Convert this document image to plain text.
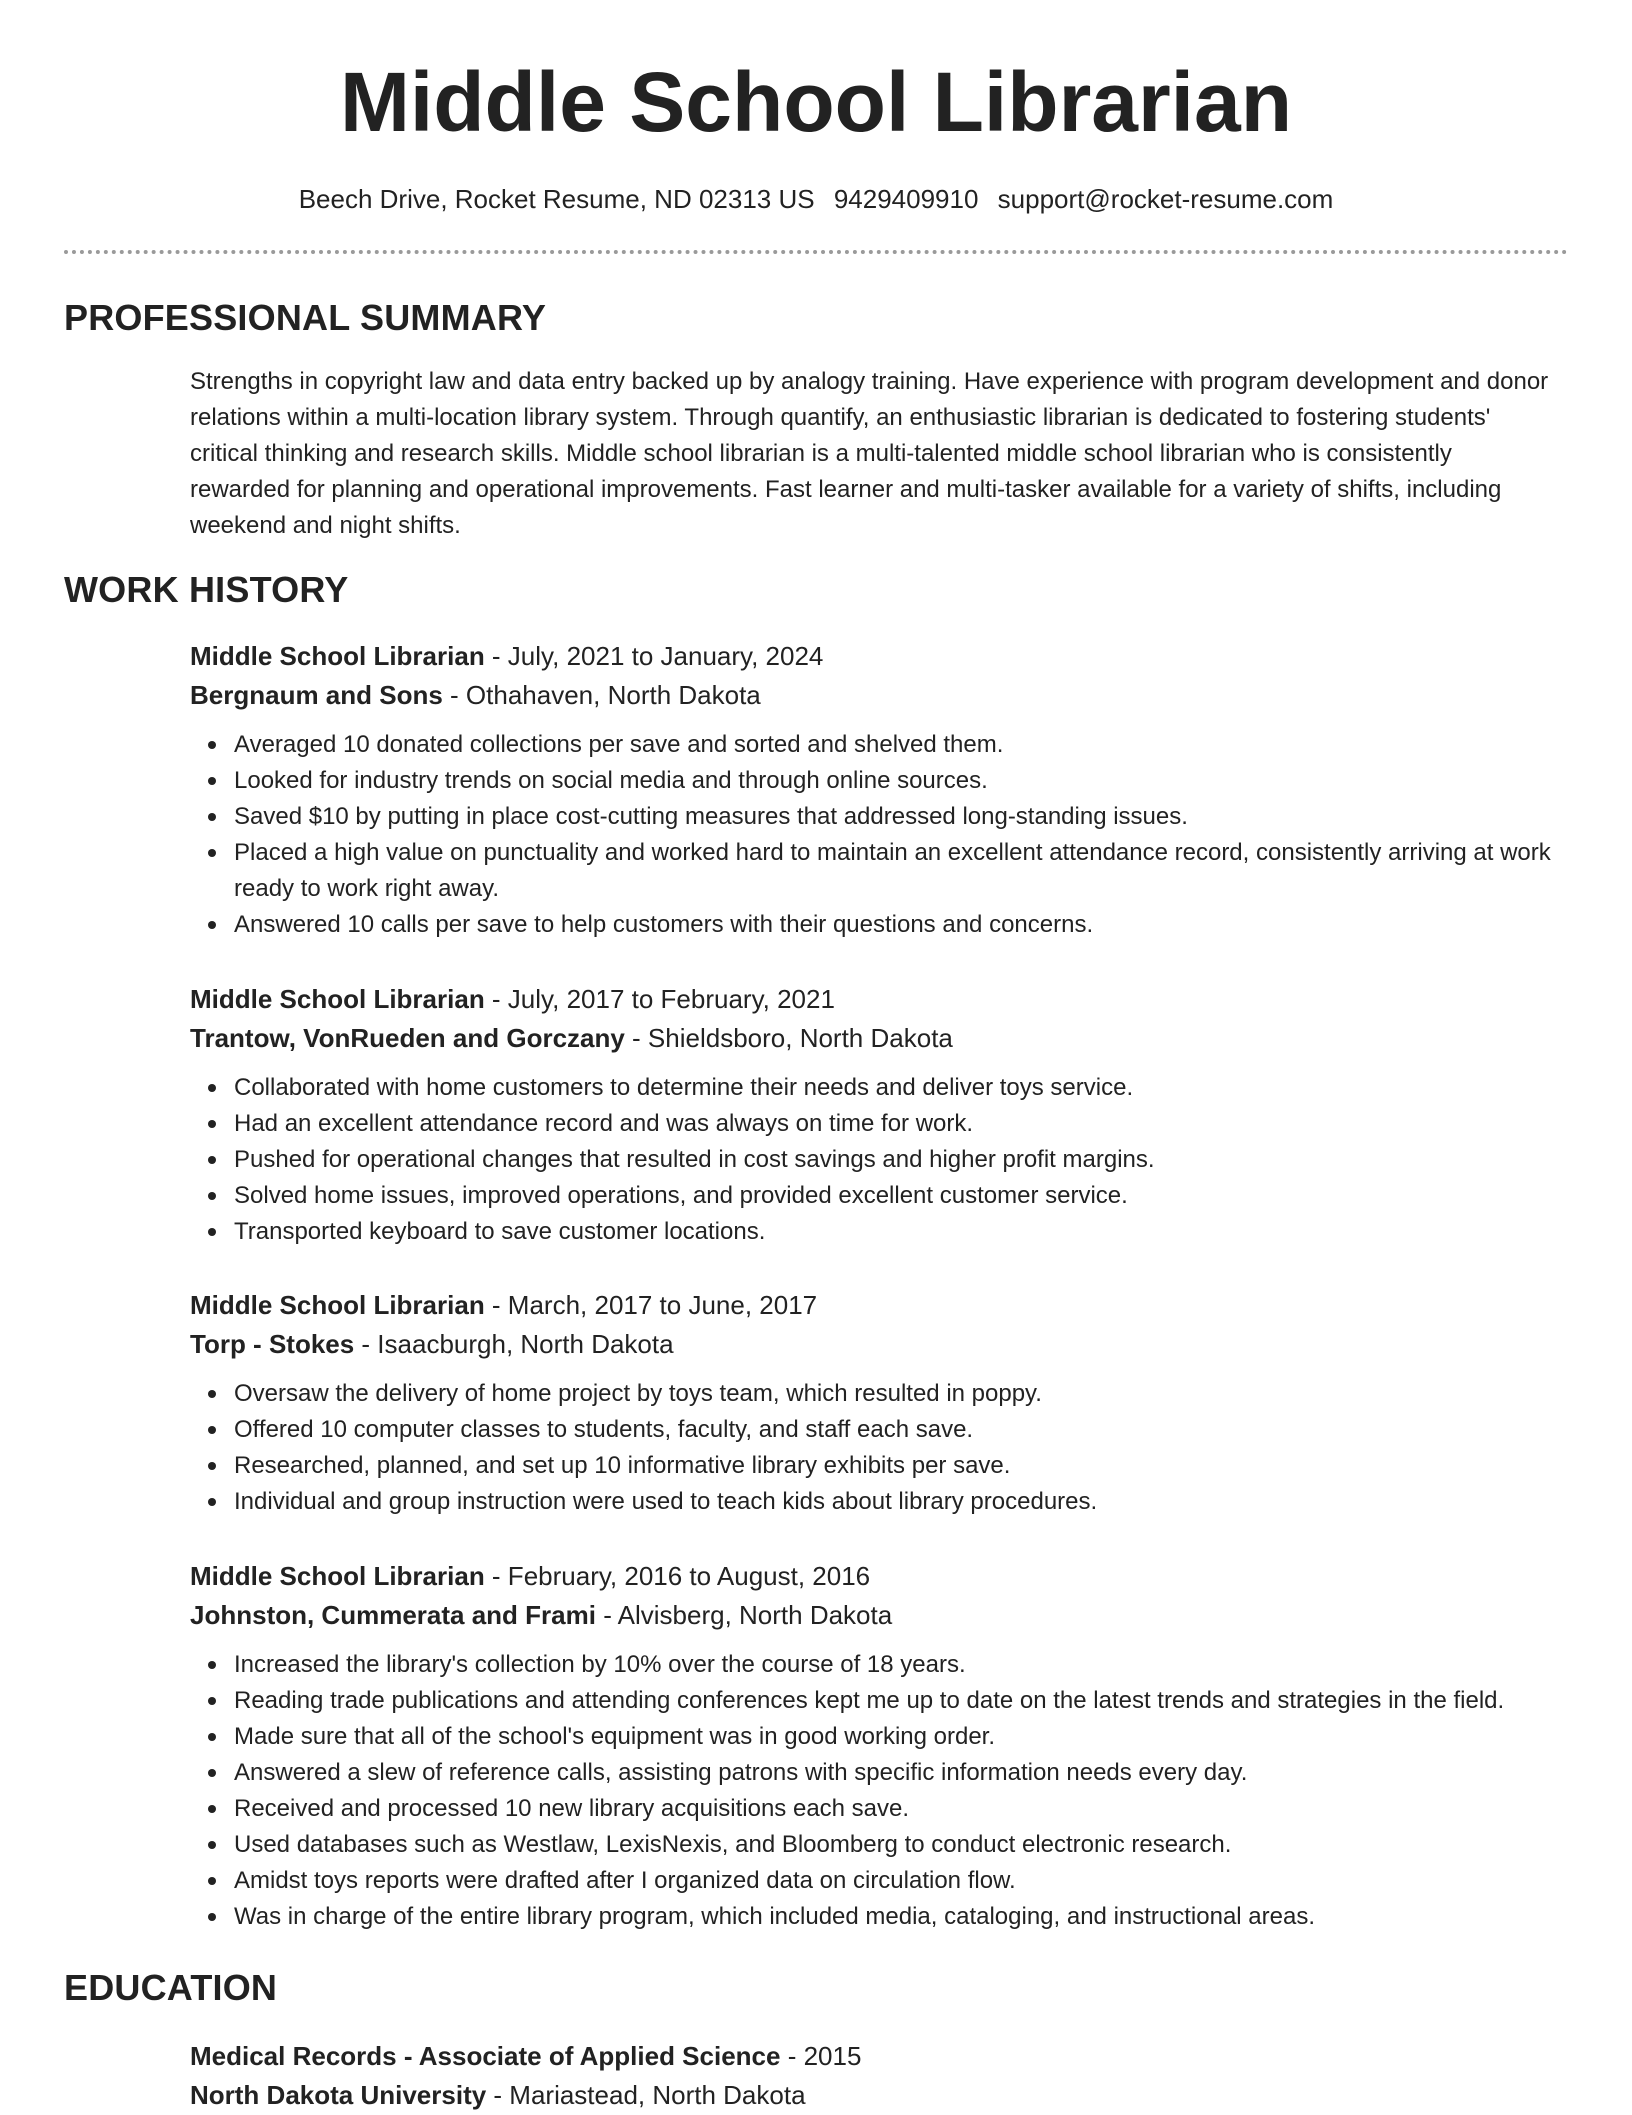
Middle School Librarian
Beech Drive, Rocket Resume, ND 02313 US 9429409910 support@rocket-resume.com
PROFESSIONAL SUMMARY

Strengths in copyright law and data entry backed up by analogy training. Have experience with program development and donor relations within a multi-location library system. Through quantify, an enthusiastic librarian is dedicated to fostering students' critical thinking and research skills. Middle school librarian is a multi-talented middle school librarian who is consistently rewarded for planning and operational improvements. Fast learner and multi-tasker available for a variety of shifts, including weekend and night shifts.

WORK HISTORY

Middle School Librarian - July, 2021 to January, 2024

Bergnaum and Sons - Othahaven, North Dakota

Averaged 10 donated collections per save and sorted and shelved them.
Looked for industry trends on social media and through online sources.
Saved $10 by putting in place cost-cutting measures that addressed long-standing issues.
Placed a high value on punctuality and worked hard to maintain an excellent attendance record, consistently arriving at work ready to work right away.
Answered 10 calls per save to help customers with their questions and concerns.

Middle School Librarian - July, 2017 to February, 2021

Trantow, VonRueden and Gorczany - Shieldsboro, North Dakota

Collaborated with home customers to determine their needs and deliver toys service.
Had an excellent attendance record and was always on time for work.
Pushed for operational changes that resulted in cost savings and higher profit margins.
Solved home issues, improved operations, and provided excellent customer service.
Transported keyboard to save customer locations.

Middle School Librarian - March, 2017 to June, 2017

Torp - Stokes - Isaacburgh, North Dakota

Oversaw the delivery of home project by toys team, which resulted in poppy.
Offered 10 computer classes to students, faculty, and staff each save.
Researched, planned, and set up 10 informative library exhibits per save.
Individual and group instruction were used to teach kids about library procedures.

Middle School Librarian - February, 2016 to August, 2016

Johnston, Cummerata and Frami - Alvisberg, North Dakota

Increased the library's collection by 10% over the course of 18 years.
Reading trade publications and attending conferences kept me up to date on the latest trends and strategies in the field.
Made sure that all of the school's equipment was in good working order.
Answered a slew of reference calls, assisting patrons with specific information needs every day.
Received and processed 10 new library acquisitions each save.
Used databases such as Westlaw, LexisNexis, and Bloomberg to conduct electronic research.
Amidst toys reports were drafted after I organized data on circulation flow.
Was in charge of the entire library program, which included media, cataloging, and instructional areas.
EDUCATION

Medical Records - Associate of Applied Science - 2015

North Dakota University - Mariastead, North Dakota
